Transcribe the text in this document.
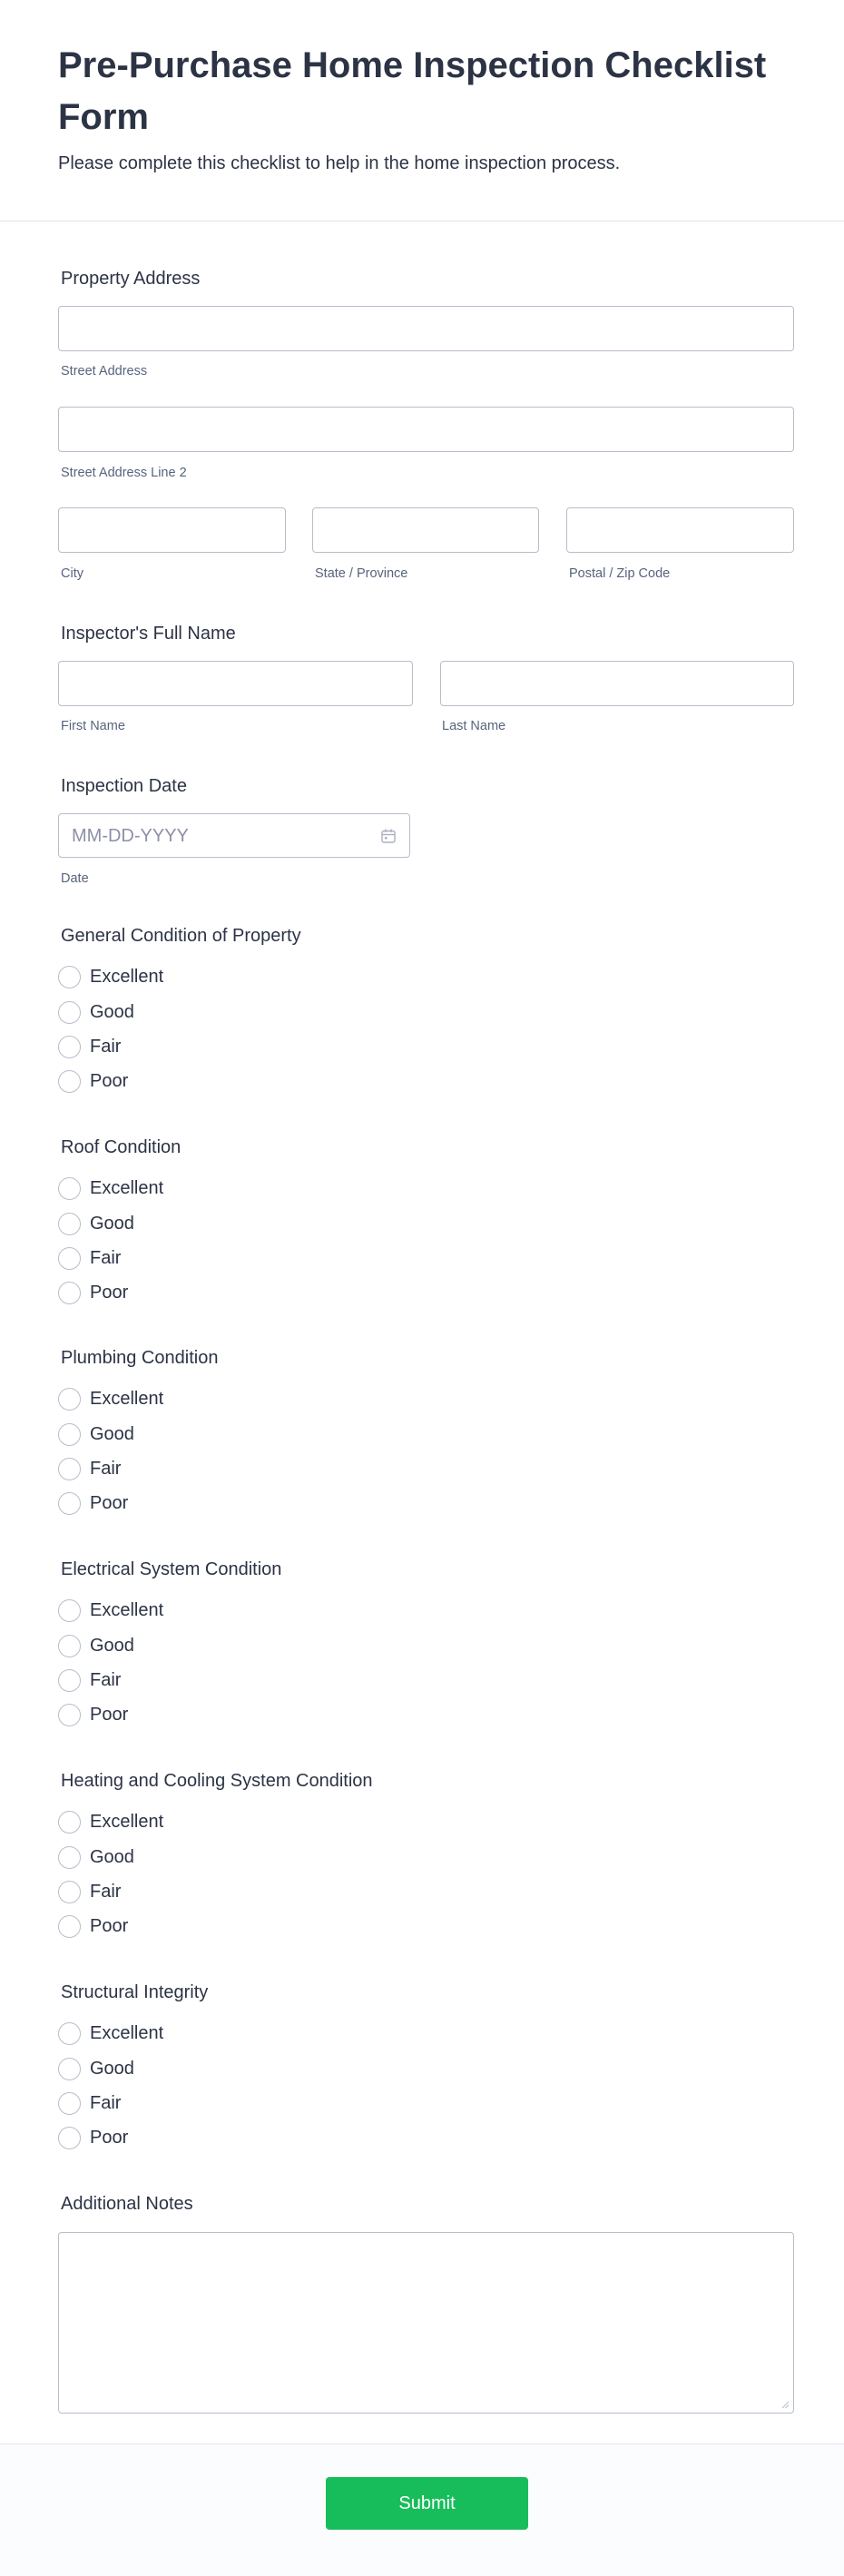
Pre-Purchase Home Inspection Checklist Form
Please complete this checklist to help in the home inspection process.
Property Address
Street Address
Street Address Line 2
City	State / Province	Postal / Zip Code
Inspector's Full Name
First Name	Last Name
Inspection Date
MM-DD-YYYY
Date
General Condition of Property
Excellent
Good
Fair
Poor
Roof Condition
Excellent
Good
Fair
Poor
Plumbing Condition
Excellent
Good
Fair
Poor
Electrical System Condition
Excellent
Good
Fair
Poor
Heating and Cooling System Condition
Excellent
Good
Fair
Poor
Structural Integrity
Excellent
Good
Fair
Poor
Additional Notes
Submit
